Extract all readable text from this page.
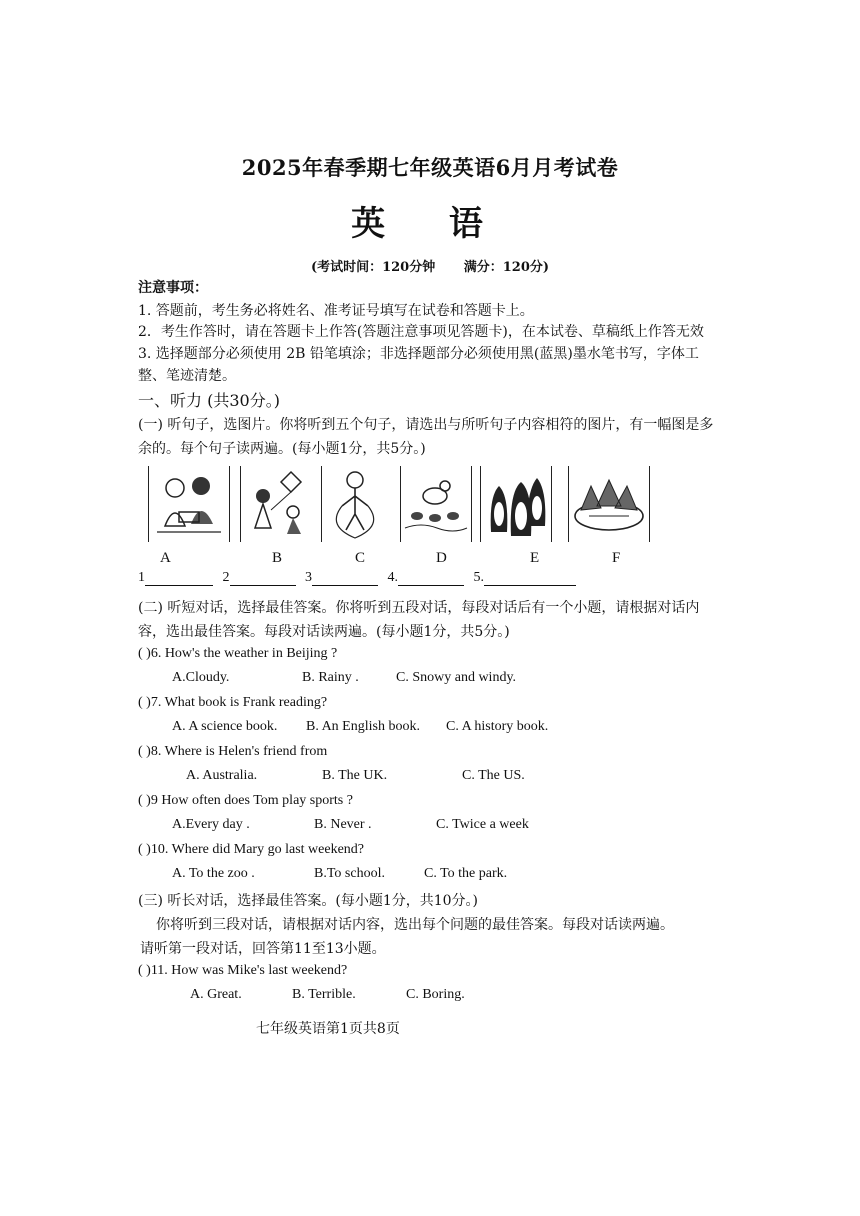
2025年春季期七年级英语6月月考试卷
英 语
(考试时间：120分钟 满分：120分)
注意事项：
1. 答题前，考生务必将姓名、准考证号填写在试卷和答题卡上。
2．考生作答时，请在答题卡上作答(答题注意事项见答题卡)，在本试卷、草稿纸上作答无效
3. 选择题部分必须使用 2B 铅笔填涂；非选择题部分必须使用黑(蓝黑)墨水笔书写，字体工
整、笔迹清楚。
一、听力 (共30分。)
(一) 听句子，选图片。你将听到五个句子，请选出与所听句子内容相符的图片，有一幅图是多
余的。每个句子读两遍。(每小题1分，共5分。)
A	B	C	D	E	F
1	2	3	4.	5.
(二) 听短对话，选择最佳答案。你将听到五段对话，每段对话后有一个小题，请根据对话内
容，选出最佳答案。每段对话读两遍。(每小题1分，共5分。)
( )6. How's the weather in Beijing ?
A.Cloudy.	B. Rainy .	C. Snowy and windy.
( )7. What book is Frank reading?
A. A science book. B. An English book. C. A history book.
( )8. Where is Helen's friend from
A. Australia.	B. The UK.	C. The US.
( )9 How often does Tom play sports ?
A.Every day .	B. Never .	C. Twice a week
( )10. Where did Mary go last weekend?
A. To the zoo .	B.To school.	C. To the park.
(三) 听长对话，选择最佳答案。(每小题1分，共10分。)
你将听到三段对话，请根据对话内容，选出每个问题的最佳答案。每段对话读两遍。
请听第一段对话，回答第11至13小题。
( )11. How was Mike's last weekend?
A. Great.	B. Terrible.	C. Boring.
七年级英语第1页共8页
